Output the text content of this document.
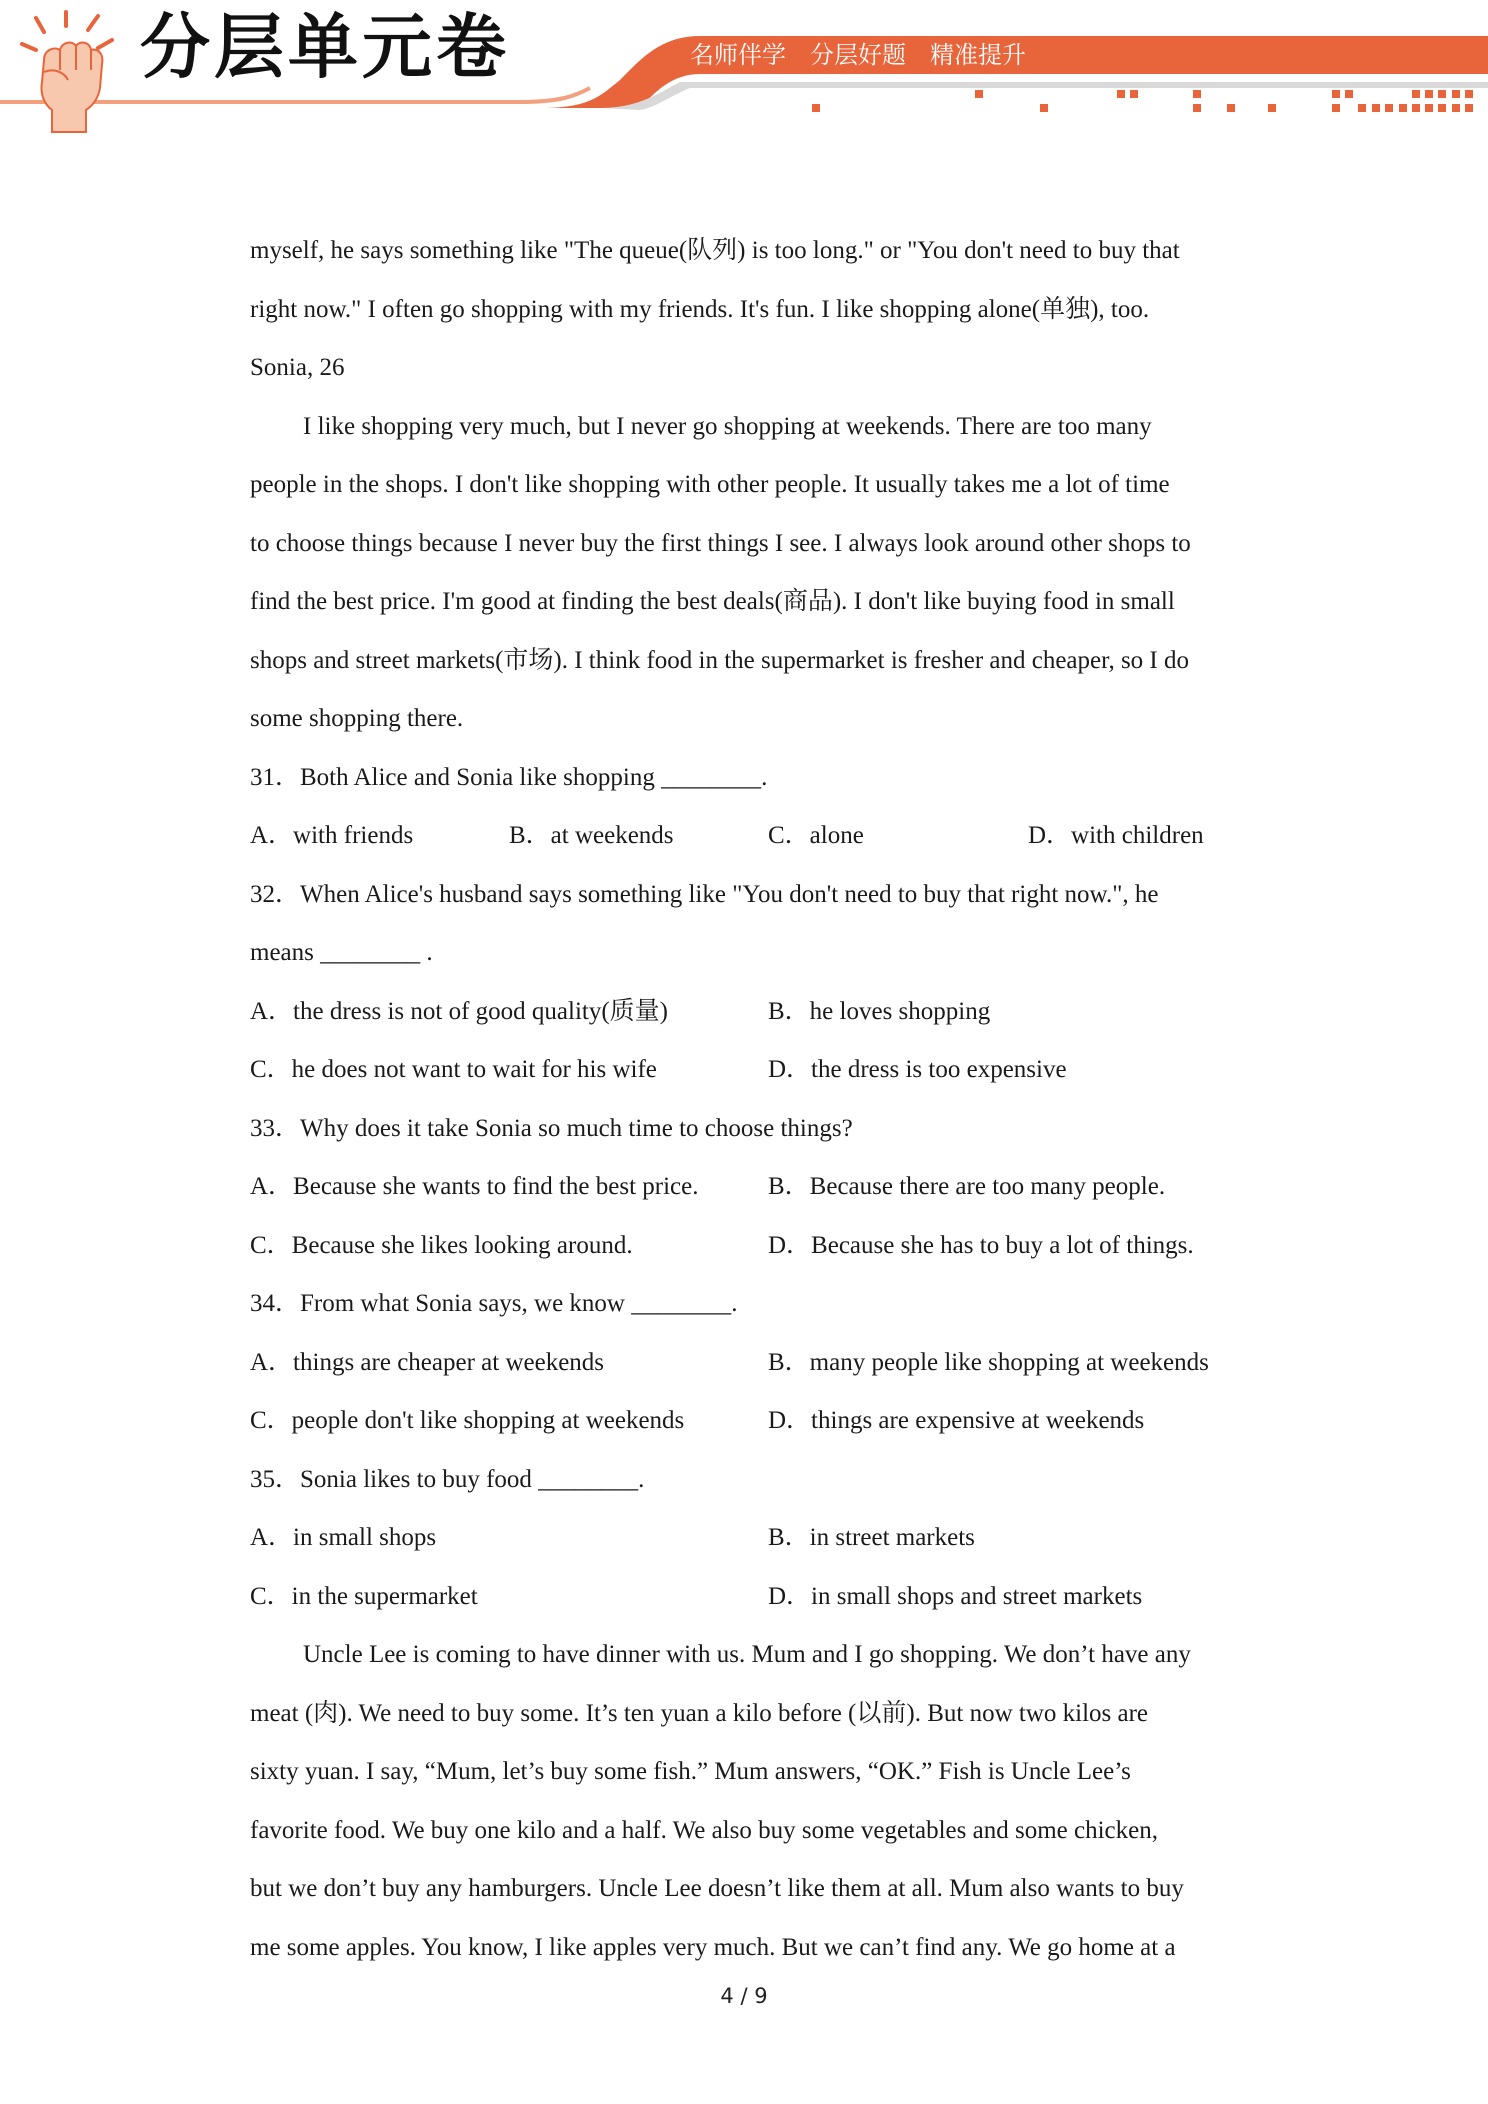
分层单元卷	名师伴学 分层好题 精准提升
myself, he says something like "The queue(队列) is too long." or "You don't need to buy that
right now." I often go shopping with my friends. It's fun. I like shopping alone(单独), too.
Sonia, 26
I like shopping very much, but I never go shopping at weekends. There are too many
people in the shops. I don't like shopping with other people. It usually takes me a lot of time
to choose things because I never buy the first things I see. I always look around other shops to
find the best price. I'm good at finding the best deals(商品). I don't like buying food in small
shops and street markets(市场). I think food in the supermarket is fresher and cheaper, so I do
some shopping there.
31．Both Alice and Sonia like shopping ________.
A．with friends	B．at weekends	C．alone	D．with children
32．When Alice's husband says something like "You don't need to buy that right now.", he
means ________ .
A．the dress is not of good quality(质量)	B．he loves shopping
C．he does not want to wait for his wife	D．the dress is too expensive
33．Why does it take Sonia so much time to choose things?
A．Because she wants to find the best price.	B．Because there are too many people.
C．Because she likes looking around.	D．Because she has to buy a lot of things.
34．From what Sonia says, we know ________.
A．things are cheaper at weekends	B．many people like shopping at weekends
C．people don't like shopping at weekends	D．things are expensive at weekends
35．Sonia likes to buy food ________.
A．in small shops	B．in street markets
C．in the supermarket	D．in small shops and street markets
Uncle Lee is coming to have dinner with us. Mum and I go shopping. We don’t have any
meat (肉). We need to buy some. It’s ten yuan a kilo before (以前). But now two kilos are
sixty yuan. I say, “Mum, let’s buy some fish.” Mum answers, “OK.” Fish is Uncle Lee’s
favorite food. We buy one kilo and a half. We also buy some vegetables and some chicken,
but we don’t buy any hamburgers. Uncle Lee doesn’t like them at all. Mum also wants to buy
me some apples. You know, I like apples very much. But we can’t find any. We go home at a
4 / 9
